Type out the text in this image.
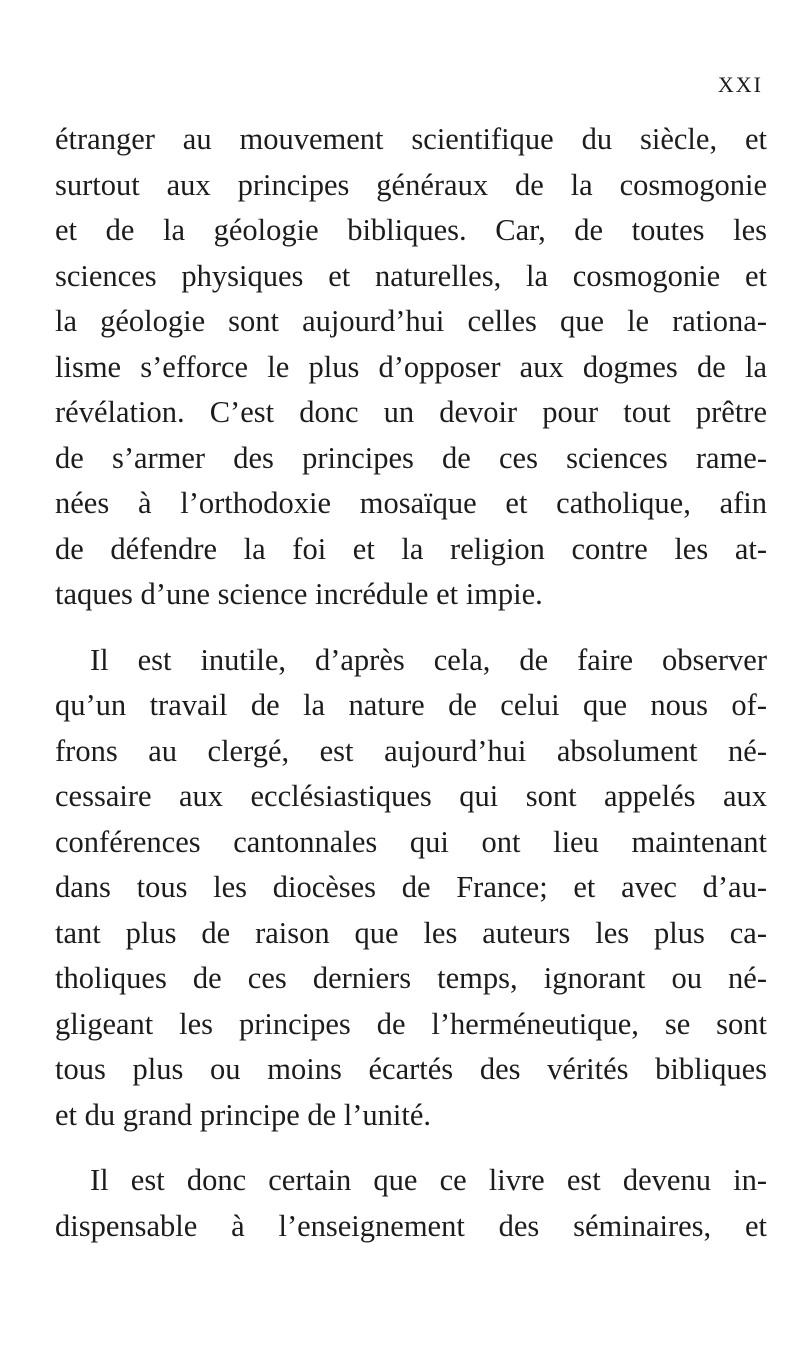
XXI
étranger au mouvement scientifique du siècle, et
surtout aux principes généraux de la cosmogonie
et de la géologie bibliques. Car, de toutes les
sciences physiques et naturelles, la cosmogonie et
la géologie sont aujourd’hui celles que le rationa-
lisme s’efforce le plus d’opposer aux dogmes de la
révélation. C’est donc un devoir pour tout prêtre
de s’armer des principes de ces sciences rame-
nées à l’orthodoxie mosaïque et catholique, afin
de défendre la foi et la religion contre les at-
taques d’une science incrédule et impie.
Il est inutile, d’après cela, de faire observer
qu’un travail de la nature de celui que nous of-
frons au clergé, est aujourd’hui absolument né-
cessaire aux ecclésiastiques qui sont appelés aux
conférences cantonnales qui ont lieu maintenant
dans tous les diocèses de France; et avec d’au-
tant plus de raison que les auteurs les plus ca-
tholiques de ces derniers temps, ignorant ou né-
gligeant les principes de l’herméneutique, se sont
tous plus ou moins écartés des vérités bibliques
et du grand principe de l’unité.
Il est donc certain que ce livre est devenu in-
dispensable à l’enseignement des séminaires, et
